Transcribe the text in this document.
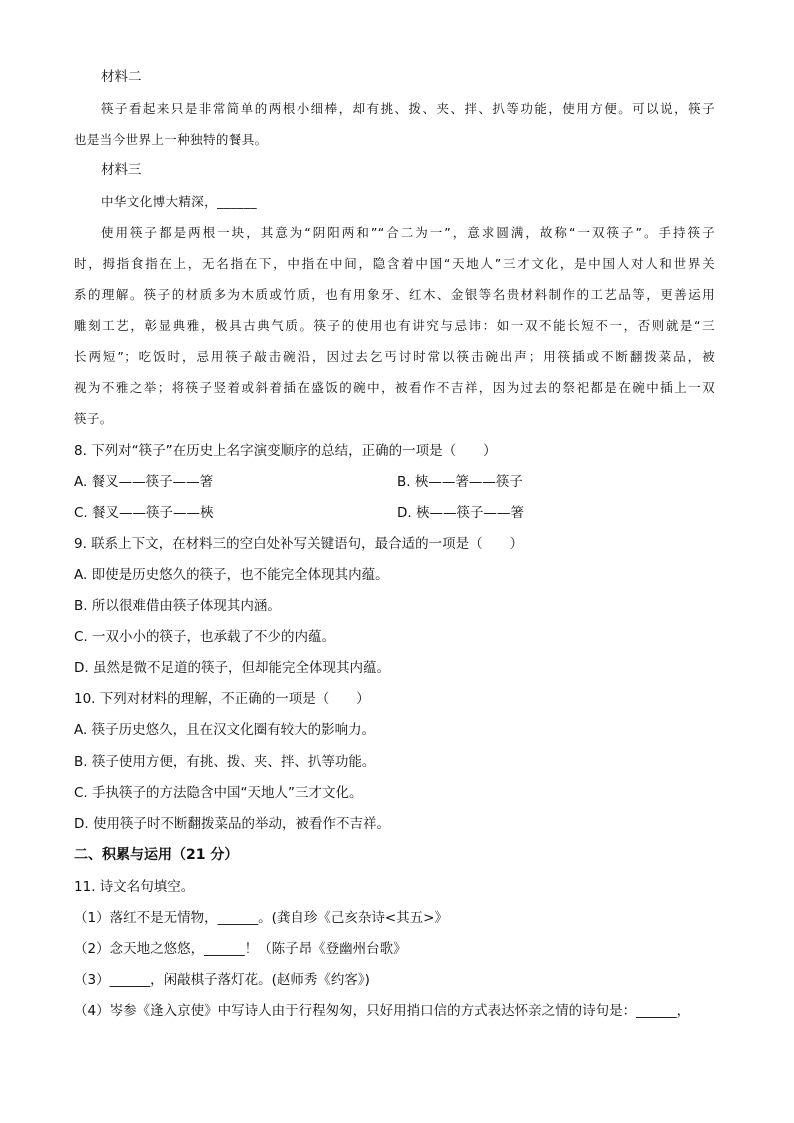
材料二
筷子看起来只是非常简单的两根小细棒，却有挑、拨、夹、拌、扒等功能，使用方便。可以说，筷子
也是当今世界上一种独特的餐具。
材料三
中华文化博大精深，______
使用筷子都是两根一块，其意为“阴阳两和”“合二为一”，意求圆满，故称“一双筷子”。手持筷子
时，拇指食指在上，无名指在下，中指在中间，隐含着中国“天地人”三才文化，是中国人对人和世界关
系的理解。筷子的材质多为木质或竹质，也有用象牙、红木、金银等名贵材料制作的工艺品等，更善运用
雕刻工艺，彰显典雅，极具古典气质。筷子的使用也有讲究与忌讳：如一双不能长短不一，否则就是“三
长两短”；吃饭时，忌用筷子敲击碗沿，因过去乞丐讨时常以筷击碗出声；用筷插或不断翻拨菜品，被
视为不雅之举；将筷子竖着或斜着插在盛饭的碗中，被看作不吉祥，因为过去的祭祀都是在碗中插上一双
筷子。
8. 下列对“筷子”在历史上名字演变顺序的总结，正确的一项是（　　）
A. 餐叉——筷子——箸	B. 梜——箸——筷子
C. 餐叉——筷子——梜	D. 梜——筷子——箸
9. 联系上下文，在材料三的空白处补写关键语句，最合适的一项是（　　）
A. 即使是历史悠久的筷子，也不能完全体现其内蕴。
B. 所以很难借由筷子体现其内涵。
C. 一双小小的筷子，也承载了不少的内蕴。
D. 虽然是微不足道的筷子，但却能完全体现其内蕴。
10. 下列对材料的理解，不正确的一项是（　　）
A. 筷子历史悠久，且在汉文化圈有较大的影响力。
B. 筷子使用方便，有挑、拨、夹、拌、扒等功能。
C. 手执筷子的方法隐含中国“天地人”三才文化。
D. 使用筷子时不断翻拨菜品的举动，被看作不吉祥。
二、积累与运用（21 分）
11. 诗文名句填空。
（1）落红不是无情物，______。(龚自珍《己亥杂诗<其五>》
（2）念天地之悠悠，______！（陈子昂《登幽州台歌》
（3）______，闲敲棋子落灯花。(赵师秀《约客》)
（4）岑参《逢入京使》中写诗人由于行程匆匆，只好用捎口信的方式表达怀亲之情的诗句是：______，
